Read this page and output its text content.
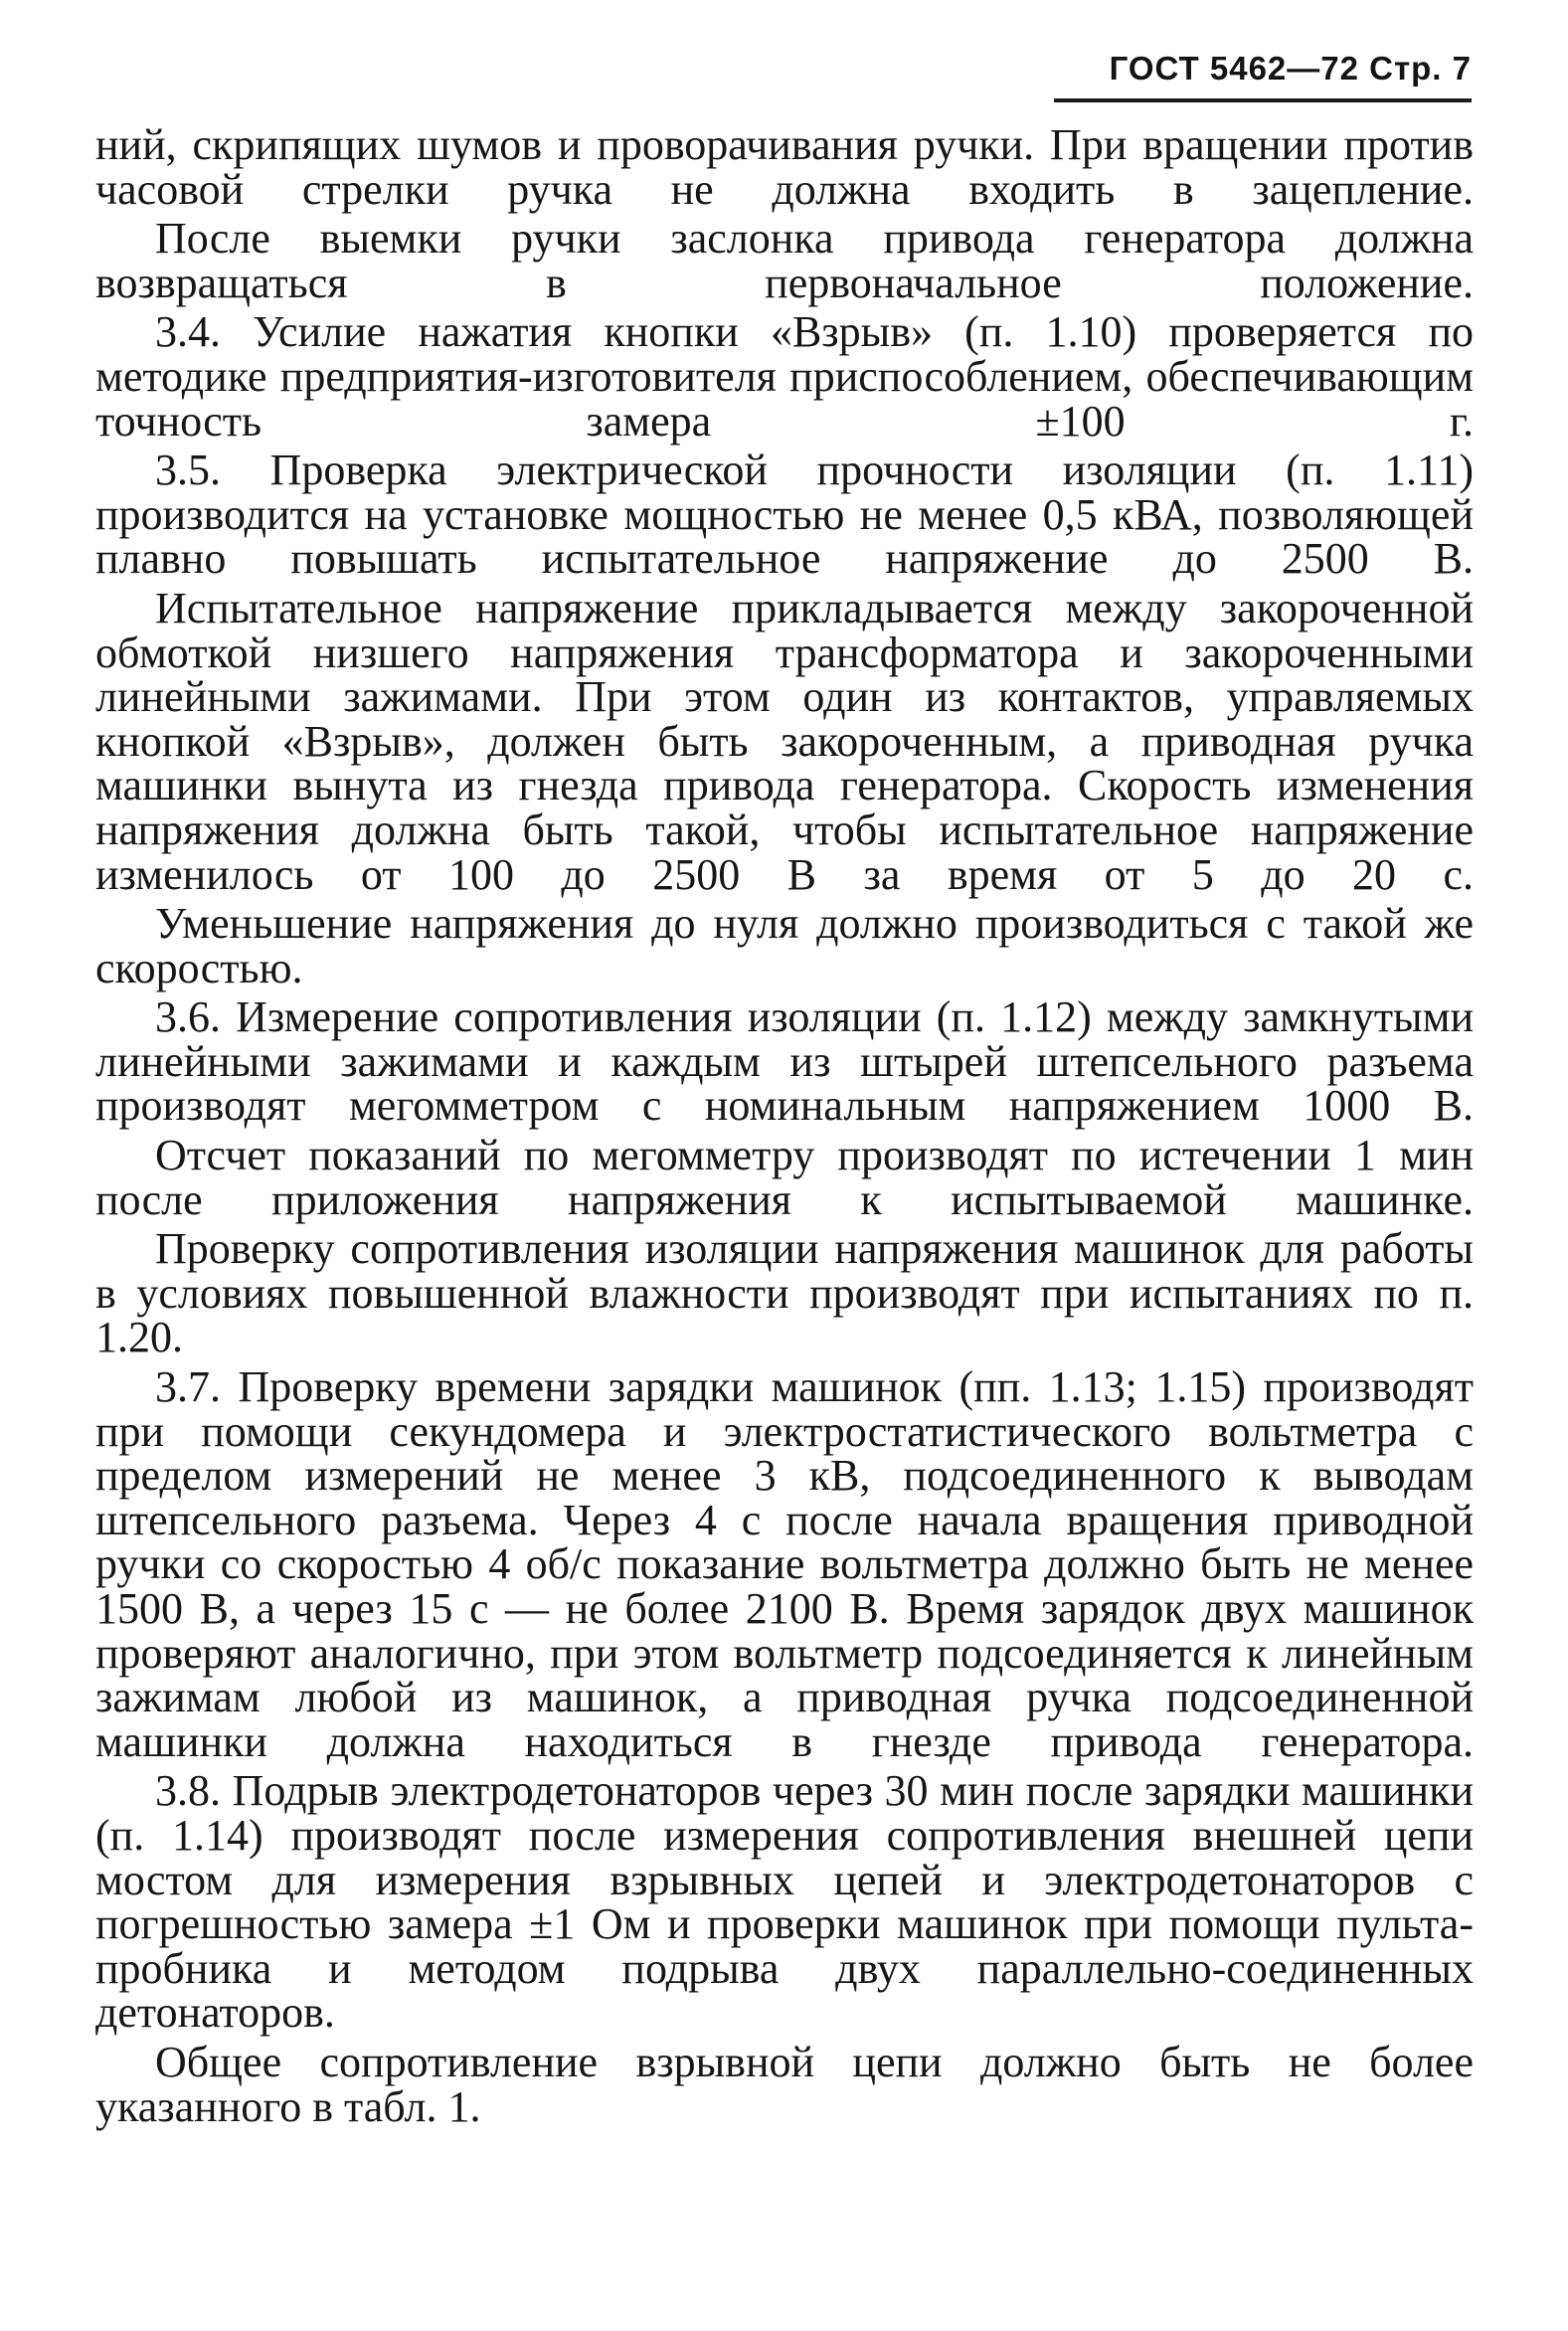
ГОСТ 5462—72 Стр. 7

ний, скрипящих шумов и проворачивания ручки. При вращении против часовой стрелки ручка не должна входить в зацепление.

После выемки ручки заслонка привода генератора должна возвращаться в первоначальное положение.

3.4. Усилие нажатия кнопки «Взрыв» (п. 1.10) проверяется по методике предприятия-изготовителя приспособлением, обеспечивающим точность замера ±100 г.

3.5. Проверка электрической прочности изоляции (п. 1.11) производится на установке мощностью не менее 0,5 кВА, позволяющей плавно повышать испытательное напряжение до 2500 В.

Испытательное напряжение прикладывается между закороченной обмоткой низшего напряжения трансформатора и закороченными линейными зажимами. При этом один из контактов, управляемых кнопкой «Взрыв», должен быть закороченным, а приводная ручка машинки вынута из гнезда привода генератора. Скорость изменения напряжения должна быть такой, чтобы испытательное напряжение изменилось от 100 до 2500 В за время от 5 до 20 с.

Уменьшение напряжения до нуля должно производиться с такой же скоростью.

3.6. Измерение сопротивления изоляции (п. 1.12) между замкнутыми линейными зажимами и каждым из штырей штепсельного разъема производят мегомметром с номинальным напряжением 1000 В.

Отсчет показаний по мегомметру производят по истечении 1 мин после приложения напряжения к испытываемой машинке.

Проверку сопротивления изоляции напряжения машинок для работы в условиях повышенной влажности производят при испытаниях по п. 1.20.

3.7. Проверку времени зарядки машинок (пп. 1.13; 1.15) производят при помощи секундомера и электростатистического вольтметра с пределом измерений не менее 3 кВ, подсоединенного к выводам штепсельного разъема. Через 4 с после начала вращения приводной ручки со скоростью 4 об/с показание вольтметра должно быть не менее 1500 В, а через 15 с — не более 2100 В. Время зарядок двух машинок проверяют аналогично, при этом вольтметр подсоединяется к линейным зажимам любой из машинок, а приводная ручка подсоединенной машинки должна находиться в гнезде привода генератора.

3.8. Подрыв электродетонаторов через 30 мин после зарядки машинки (п. 1.14) производят после измерения сопротивления внешней цепи мостом для измерения взрывных цепей и электродетонаторов с погрешностью замера ±1 Ом и проверки машинок при помощи пульта-пробника и методом подрыва двух параллельно-соединенных детонаторов.

Общее сопротивление взрывной цепи должно быть не более указанного в табл. 1.
